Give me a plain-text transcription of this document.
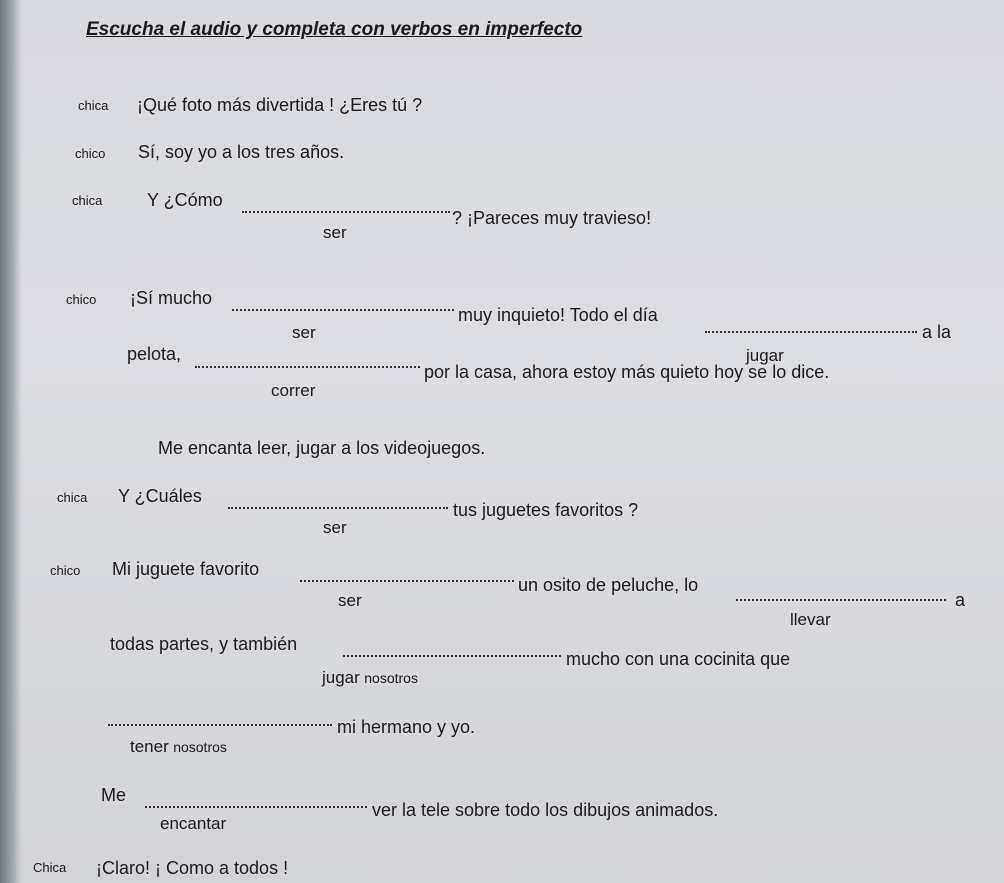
Escucha el audio y completa con verbos en imperfecto
chica ¡Qué foto más divertida ! ¿Eres tú ?
chico Sí, soy yo a los tres años.
chica Y ¿Cómo
? ¡Pareces muy travieso!
ser
chico ¡Sí mucho
muy inquieto! Todo el día
a la
ser
jugar
pelota,
por la casa, ahora estoy más quieto hoy se lo dice.
correr
Me encanta leer, jugar a los videojuegos.
chica Y ¿Cuáles
tus juguetes favoritos ?
ser
chico Mi juguete favorito
un osito de peluche, lo
a
ser
llevar
todas partes, y también
mucho con una cocinita que
jugar nosotros
mi hermano y yo.
tener nosotros
Me
ver la tele sobre todo los dibujos animados.
encantar
Chica ¡Claro! ¡ Como a todos !
